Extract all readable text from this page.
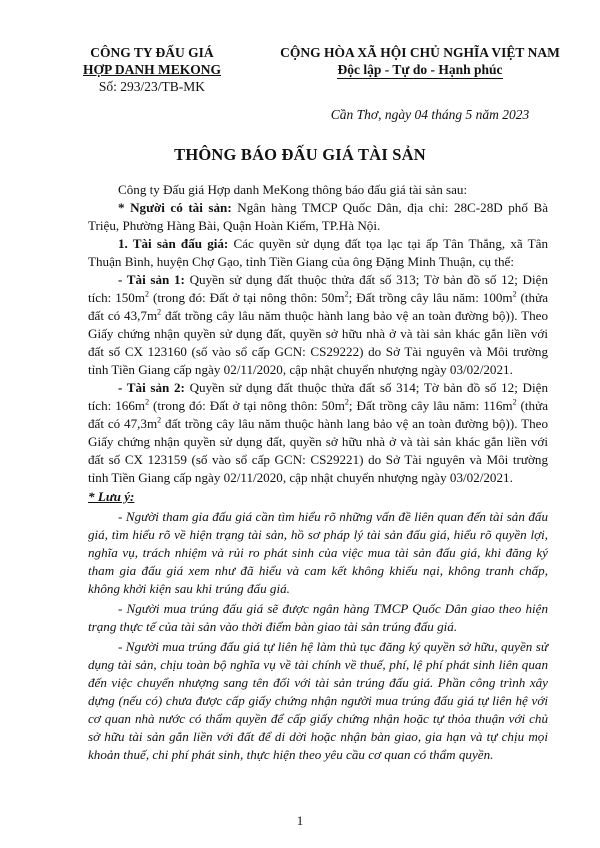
CÔNG TY ĐẤU GIÁ
HỢP DANH MEKONG
Số: 293/23/TB-MK
CỘNG HÒA XÃ HỘI CHỦ NGHĨA VIỆT NAM
Độc lập - Tự do - Hạnh phúc
Cần Thơ, ngày 04 tháng 5 năm 2023
THÔNG BÁO ĐẤU GIÁ TÀI SẢN

Công ty Đấu giá Hợp danh MeKong thông báo đấu giá tài sản sau:

* Người có tài sản: Ngân hàng TMCP Quốc Dân, địa chỉ: 28C-28D phố Bà Triệu, Phường Hàng Bài, Quận Hoàn Kiếm, TP.Hà Nội.

1. Tài sản đấu giá: Các quyền sử dụng đất tọa lạc tại ấp Tân Thắng, xã Tân Thuận Bình, huyện Chợ Gạo, tỉnh Tiền Giang của ông Đặng Minh Thuận, cụ thể:

- Tài sản 1: Quyền sử dụng đất thuộc thửa đất số 313; Tờ bản đồ số 12; Diện tích: $150m^2$ (trong đó: Đất ở tại nông thôn: $50m^2$; Đất trồng cây lâu năm: $100m^2$ (thửa đất có $43,7m^2$ đất trồng cây lâu năm thuộc hành lang bảo vệ an toàn đường bộ)). Theo Giấy chứng nhận quyền sử dụng đất, quyền sở hữu nhà ở và tài sản khác gắn liền với đất số CX 123160 (số vào sổ cấp GCN: CS29222) do Sở Tài nguyên và Môi trường tỉnh Tiền Giang cấp ngày 02/11/2020, cập nhật chuyển nhượng ngày 03/02/2021.

- Tài sản 2: Quyền sử dụng đất thuộc thửa đất số 314; Tờ bản đồ số 12; Diện tích: $166m^2$ (trong đó: Đất ở tại nông thôn: $50m^2$; Đất trồng cây lâu năm: $116m^2$ (thửa đất có $47,3m^2$ đất trồng cây lâu năm thuộc hành lang bảo vệ an toàn đường bộ)). Theo Giấy chứng nhận quyền sử dụng đất, quyền sở hữu nhà ở và tài sản khác gắn liền với đất số CX 123159 (số vào sổ cấp GCN: CS29221) do Sở Tài nguyên và Môi trường tỉnh Tiền Giang cấp ngày 02/11/2020, cập nhật chuyển nhượng ngày 03/02/2021.

* Lưu ý:

- Người tham gia đấu giá cần tìm hiểu rõ những vấn đề liên quan đến tài sản đấu giá, tìm hiểu rõ về hiện trạng tài sản, hồ sơ pháp lý tài sản đấu giá, hiểu rõ quyền lợi, nghĩa vụ, trách nhiệm và rủi ro phát sinh của việc mua tài sản đấu giá, khi đăng ký tham gia đấu giá xem như đã hiểu và cam kết không khiếu nại, không tranh chấp, không khởi kiện sau khi trúng đấu giá.

- Người mua trúng đấu giá sẽ được ngân hàng TMCP Quốc Dân giao theo hiện trạng thực tế của tài sản vào thời điểm bàn giao tài sản trúng đấu giá.

- Người mua trúng đấu giá tự liên hệ làm thủ tục đăng ký quyền sở hữu, quyền sử dụng tài sản, chịu toàn bộ nghĩa vụ về tài chính về thuế, phí, lệ phí phát sinh liên quan đến việc chuyển nhượng sang tên đối với tài sản trúng đấu giá. Phần công trình xây dựng (nếu có) chưa được cấp giấy chứng nhận người mua trúng đấu giá tự liên hệ với cơ quan nhà nước có thẩm quyền để cấp giấy chứng nhận hoặc tự thỏa thuận với chủ sở hữu tài sản gắn liền với đất để di dời hoặc nhận bàn giao, gia hạn và tự chịu mọi khoản thuế, chi phí phát sinh, thực hiện theo yêu cầu cơ quan có thẩm quyền.

1
